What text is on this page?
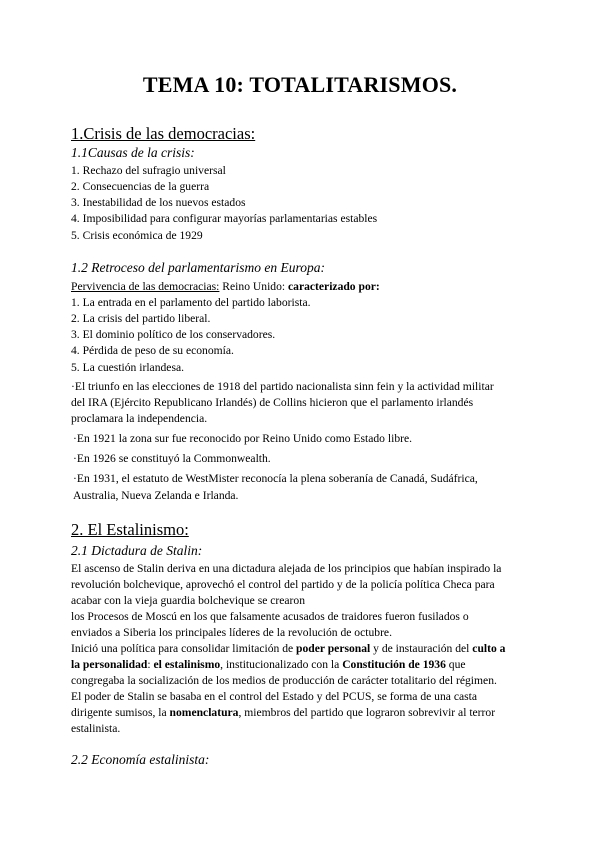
TEMA 10: TOTALITARISMOS.
1.Crisis de las democracias:
1.1Causas de la crisis:
1. Rechazo del sufragio universal
2. Consecuencias de la guerra
3. Inestabilidad de los nuevos estados
4. Imposibilidad para configurar mayorías parlamentarias estables
5. Crisis económica de 1929
1.2 Retroceso del parlamentarismo en Europa:
Pervivencia de las democracias: Reino Unido: caracterizado por:
1. La entrada en el parlamento del partido laborista.
2. La crisis del partido liberal.
3. El dominio político de los conservadores.
4. Pérdida de peso de su economía.
5. La cuestión irlandesa.
·El triunfo en las elecciones de 1918 del partido nacionalista sinn fein y la actividad militar
del IRA (Ejército Republicano Irlandés) de Collins hicieron que el parlamento irlandés
proclamara la independencia.
·En 1921 la zona sur fue reconocido por Reino Unido como Estado libre.
·En 1926 se constituyó la Commonwealth.
·En 1931, el estatuto de WestMister reconocía la plena soberanía de Canadá, Sudáfrica,
Australia, Nueva Zelanda e Irlanda.
2. El Estalinismo:
2.1 Dictadura de Stalin:
El ascenso de Stalin deriva en una dictadura alejada de los principios que habían inspirado la
revolución bolchevique, aprovechó el control del partido y de la policía política Checa para
acabar con la vieja guardia bolchevique se crearon
los Procesos de Moscú en los que falsamente acusados de traidores fueron fusilados o
enviados a Siberia los principales líderes de la revolución de octubre.
Inició una política para consolidar limitación de poder personal y de instauración del culto a
la personalidad: el estalinismo, institucionalizado con la Constitución de 1936 que
congregaba la socialización de los medios de producción de carácter totalitario del régimen.
El poder de Stalin se basaba en el control del Estado y del PCUS, se forma de una casta
dirigente sumisos, la nomenclatura, miembros del partido que lograron sobrevivir al terror
estalinista.
2.2 Economía estalinista:
